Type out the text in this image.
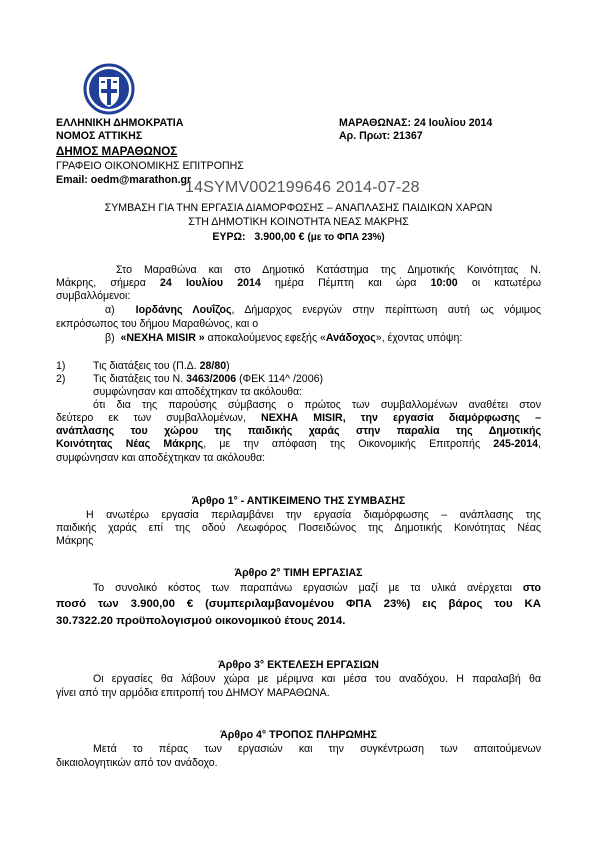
ΕΛΛΗΝΙΚΗ ΔΗΜΟΚΡΑΤΙΑ
ΝΟΜΟΣ ΑΤΤΙΚΗΣ
ΔΗΜΟΣ ΜΑΡΑΘΩΝΟΣ
ΓΡΑΦΕΙΟ ΟΙΚΟΝΟΜΙΚΗΣ ΕΠΙΤΡΟΠΗΣ
Email: oedm@marathon.gr
ΜΑΡΑΘΩΝΑΣ: 24 Ιουλίου 2014
Αρ. Πρωτ: 21367
14SYMV002199646 2014-07-28
ΣΥΜΒΑΣΗ ΓΙΑ ΤΗΝ ΕΡΓΑΣΙΑ ΔΙΑΜΟΡΦΩΣΗΣ – ΑΝΑΠΛΑΣΗΣ ΠΑΙΔΙΚΩΝ ΧΑΡΩΝ
ΣΤΗ ΔΗΜΟΤΙΚΗ ΚΟΙΝΟΤΗΤΑ ΝΕΑΣ ΜΑΚΡΗΣ
ΕΥΡΩ: 3.900,00 € (με το ΦΠΑ 23%)
Στο Μαραθώνα και στο Δημοτικό Κατάστημα της Δημοτικής Κοινότητας Ν.
Μάκρης, σήμερα 24 Ιουλίου 2014 ημέρα Πέμπτη και ώρα 10:00 οι κατωτέρω
συμβαλλόμενοι:
α) Ιορδάνης Λουΐζος, Δήμαρχος ενεργών στην περίπτωση αυτή ως νόμιμος
εκπρόσωπος του δήμου Μαραθώνος, και ο
β) «ΝΕΧΗΑ MISIR » αποκαλούμενος εφεξής «Ανάδοχος», έχοντας υπόψη:
1)	Τις διατάξεις του (Π.Δ. 28/80)
2)	Τις διατάξεις του Ν. 3463/2006 (ΦΕΚ 114^ /2006)
συμφώνησαν και αποδέχτηκαν τα ακόλουθα:
ότι δια της παρούσης σύμβασης ο πρώτος των συμβαλλομένων αναθέτει στον
δεύτερο εκ των συμβαλλομένων, ΝΕΧΗΑ MISIR, την εργασία διαμόρφωσης –
ανάπλασης του χώρου της παιδικής χαράς στην παραλία της Δημοτικής
Κοινότητας Νέας Μάκρης, με την απόφαση της Οικονομικής Επιτροπής 245-2014,
συμφώνησαν και αποδέχτηκαν τα ακόλουθα:
Άρθρο 1° - ΑΝΤΙΚΕΙΜΕΝΟ ΤΗΣ ΣΥΜΒΑΣΗΣ
Η ανωτέρω εργασία περιλαμβάνει την εργασία διαμόρφωσης – ανάπλασης της
παιδικής χαράς επί της οδού Λεωφόρος Ποσειδώνος της Δημοτικής Κοινότητας Νέας
Μάκρης
Άρθρο 2° ΤΙΜΗ ΕΡΓΑΣΙΑΣ
Το συνολικό κόστος των παραπάνω εργασιών μαζί με τα υλικά ανέρχεται στο
ποσό των 3.900,00 € (συμπεριλαμβανομένου ΦΠΑ 23%) εις βάρος του ΚΑ
30.7322.20 προϋπολογισμού οικονομικού έτους 2014.
Άρθρο 3° ΕΚΤΕΛΕΣΗ ΕΡΓΑΣΙΩΝ
Οι εργασίες θα λάβουν χώρα με μέριμνα και μέσα του αναδόχου. Η παραλαβή θα
γίνει από την αρμόδια επιτροπή του ΔΗΜΟΥ ΜΑΡΑΘΩΝΑ.
Άρθρο 4° ΤΡΟΠΟΣ ΠΛΗΡΩΜΗΣ
Μετά το πέρας των εργασιών και την συγκέντρωση των απαιτούμενων
δικαιολογητικών από τον ανάδοχο.
